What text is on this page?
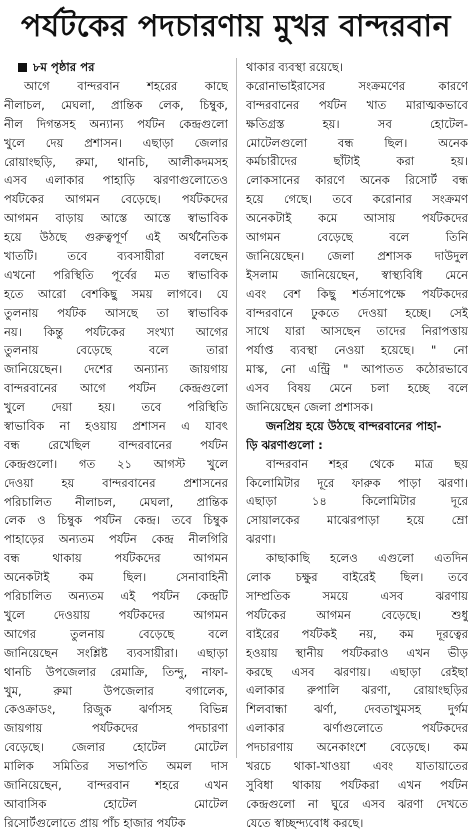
পর্যটকের পদচারণায় মুখর বান্দরবান
৮ম পৃষ্ঠার পর
আগে বান্দরবান শহরের কাছে
নীলাচল, মেঘলা, প্রান্তিক লেক, চিম্বুক,
নীল দিগন্তসহ অন্যান্য পর্যটন কেন্দ্রগুলো
খুলে দেয় প্রশাসন। এছাড়া জেলার
রোয়াংছড়ি, রুমা, থানচি, আলীকদমসহ
এসব এলাকার পাহাড়ি ঝরণাগুলোতেও
পর্যটকের আগমন বেড়েছে। পর্যটকদের
আগমন বাড়ায় আস্তে আস্তে স্বাভাবিক
হয়ে উঠছে গুরুত্বপূর্ণ এই অর্থনৈতিক
খাতটি। তবে ব্যবসায়ীরা বলছেন
এখনো পরিস্থিতি পূর্বের মত স্বাভাবিক
হতে আরো বেশকিছু সময় লাগবে। যে
তুলনায় পর্যটক আসছে তা স্বাভাবিক
নয়। কিন্তু পর্যটকের সংখ্যা আগের
তুলনায় বেড়েছে বলে তারা
জানিয়েছেন। দেশের অন্যান্য জায়গায়
বান্দরবানের আগে পর্যটন কেন্দ্রগুলো
খুলে দেয়া হয়। তবে পরিস্থিতি
স্বাভাবিক না হওয়ায় প্রশাসন এ যাবৎ
বন্ধ রেখেছিল বান্দরবানের পর্যটন
কেন্দ্রগুলো। গত ২১ আগস্ট খুলে
দেওয়া হয় বান্দরবানের প্রশাসনের
পরিচালিত নীলাচল, মেঘলা, প্রান্তিক
লেক ও চিম্বুক পর্যটন কেন্দ্র। তবে চিম্বুক
পাহাড়ের অন্যতম পর্যটন কেন্দ্র নীলগিরি
বন্ধ থাকায় পর্যটকদের আগমন
অনেকটাই কম ছিল। সেনাবাহিনী
পরিচালিত অন্যতম এই পর্যটন কেন্দ্রটি
খুলে দেওয়ায় পর্যটকদের আগমন
আগের তুলনায় বেড়েছে বলে
জানিয়েছেন সংশ্লিষ্ট ব্যবসায়ীরা। এছাড়া
থানচি উপজেলার রেমাক্রি, তিন্দু, নাফা-
খুম, রুমা উপজেলার বগালেক,
কেওক্রাডং, রিজুক ঝর্ণাসহ বিভিন্ন
জায়গায় পর্যটকদের পদচারণা
বেড়েছে। জেলার হোটেল মোটেল
মালিক সমিতির সভাপতি অমল দাস
জানিয়েছেন, বান্দরবান শহরে এখন
আবাসিক হোটেল মোটেল
রিসোর্টগুলোতে প্রায় পাঁচ হাজার পর্যটক
থাকার ব্যবস্থা রয়েছে।
করোনাভাইরাসের সংক্রমণের কারণে
বান্দরবানের পর্যটন খাত মারাত্মকভাবে
ক্ষতিগ্রস্ত হয়। সব হোটেল-
মোটেলগুলো বন্ধ ছিল। অনেক
কর্মচারীদের ছাঁটাই করা হয়।
লোকসানের কারণে অনেক রিসোর্ট বন্ধ
হয়ে গেছে। তবে করোনার সংক্রমণ
অনেকটাই কমে আসায় পর্যটকদের
আগমন বেড়েছে বলে তিনি
জানিয়েছেন। জেলা প্রশাসক দাউদুল
ইসলাম জানিয়েছেন, স্বাস্থ্যবিধি মেনে
এবং বেশ কিছু শর্তসাপেক্ষে পর্যটকদের
বান্দরবানে ঢুকতে দেওয়া হচ্ছে। সেই
সাথে যারা আসছেন তাদের নিরাপত্তায়
পর্যাপ্ত ব্যবস্থা নেওয়া হয়েছে। " নো
মাস্ক, নো এন্ট্রি " আপাতত কঠোরভাবে
এসব বিষয় মেনে চলা হচ্ছে বলে
জানিয়েছেন জেলা প্রশাসক।
জনপ্রিয় হয়ে উঠছে বান্দরবানের পাহা-
ড়ি ঝরণাগুলো :
বান্দরবান শহর থেকে মাত্র ছয়
কিলোমিটার দূরে ফারুক পাড়া ঝরণা।
এছাড়া ১৪ কিলোমিটার দূরে
সোয়ালকের মাঝেরপাড়া হয়ে ম্রো
ঝরণা।
কাছাকাছি হলেও এগুলো এতদিন
লোক চক্ষুর বাইরেই ছিল। তবে
সাম্প্রতিক সময়ে এসব ঝরণায়
পর্যটকের আগমন বেড়েছে। শুধু
বাইরের পর্যটকই নয়, কম দূরত্বের
হওয়ায় স্থানীয় পর্যটকরাও এখন ভীড়
করছে এসব ঝরণায়। এছাড়া রেইছা
এলাকার রুপালি ঝরণা, রোয়াংছড়ির
শিলবান্ধা ঝর্ণা, দেবতাখুমসহ দুর্গম
এলাকার ঝর্ণাগুলোতে পর্যটকদের
পদচারণায় অনেকাংশে বেড়েছে। কম
খরচে থাকা-খাওয়া এবং যাতায়াতের
সুবিধা থাকায় পর্যটকরা এখন পর্যটন
কেন্দ্রগুলো না ঘুরে এসব ঝরণা দেখতে
যেতে স্বাচ্ছন্দ্যবোধ করছে।
